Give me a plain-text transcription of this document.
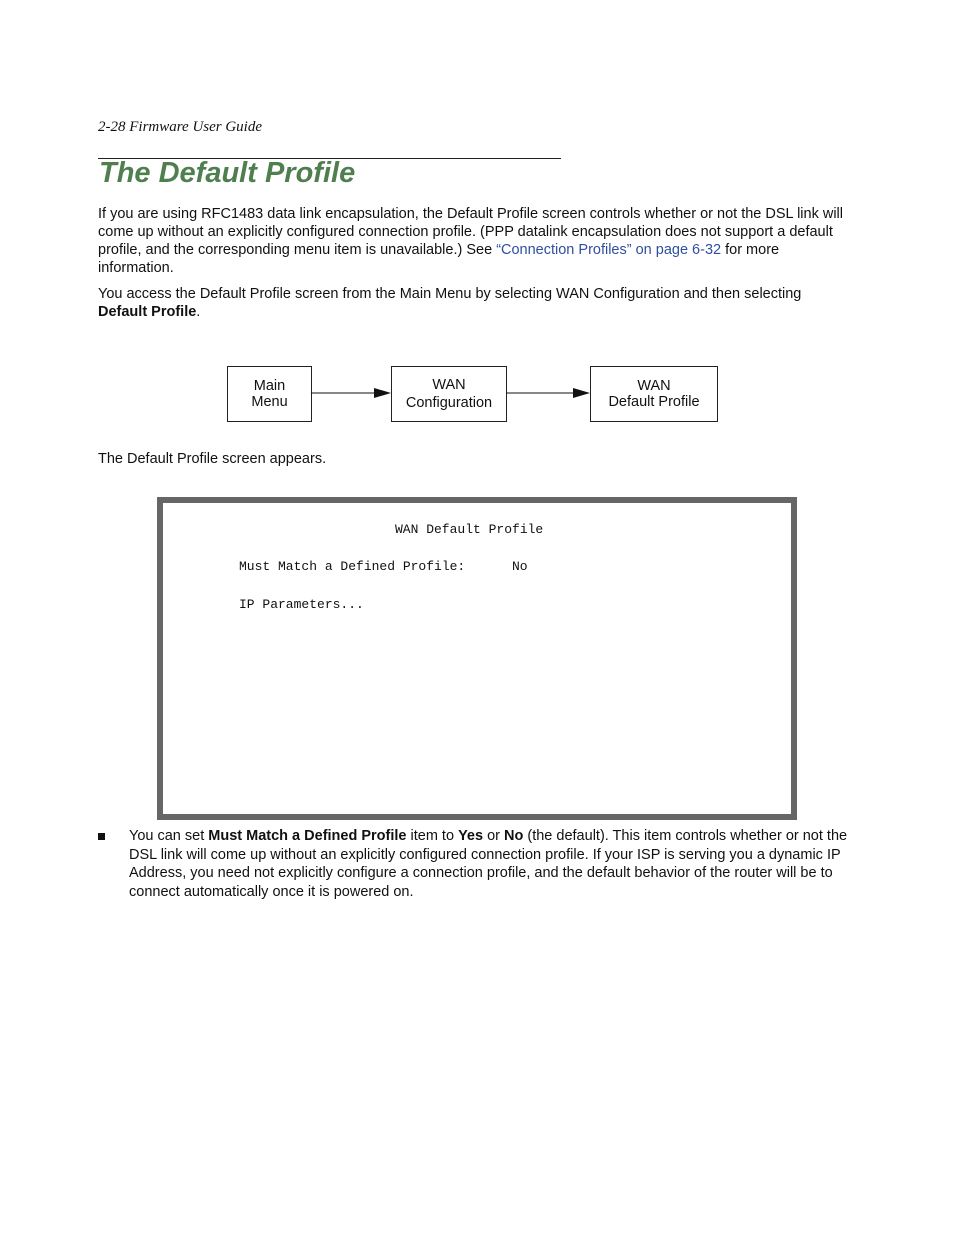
2-28 Firmware User Guide
The Default Profile

If you are using RFC1483 data link encapsulation, the Default Profile screen controls whether or not the DSL link will come up without an explicitly configured connection profile. (PPP datalink encapsulation does not support a default profile, and the corresponding menu item is unavailable.) See “Connection Profiles” on page 6-32 for more information.

You access the Default Profile screen from the Main Menu by selecting WAN Configuration and then selecting Default Profile.

Main
Menu
WAN
Configuration
WAN
Default Profile

The Default Profile screen appears.

WAN Default Profile
Must Match a Defined Profile:	No
IP Parameters...

You can set Must Match a Defined Profile item to Yes or No (the default). This item controls whether or not the DSL link will come up without an explicitly configured connection profile. If your ISP is serving you a dynamic IP Address, you need not explicitly configure a connection profile, and the default behavior of the router will be to connect automatically once it is powered on.
